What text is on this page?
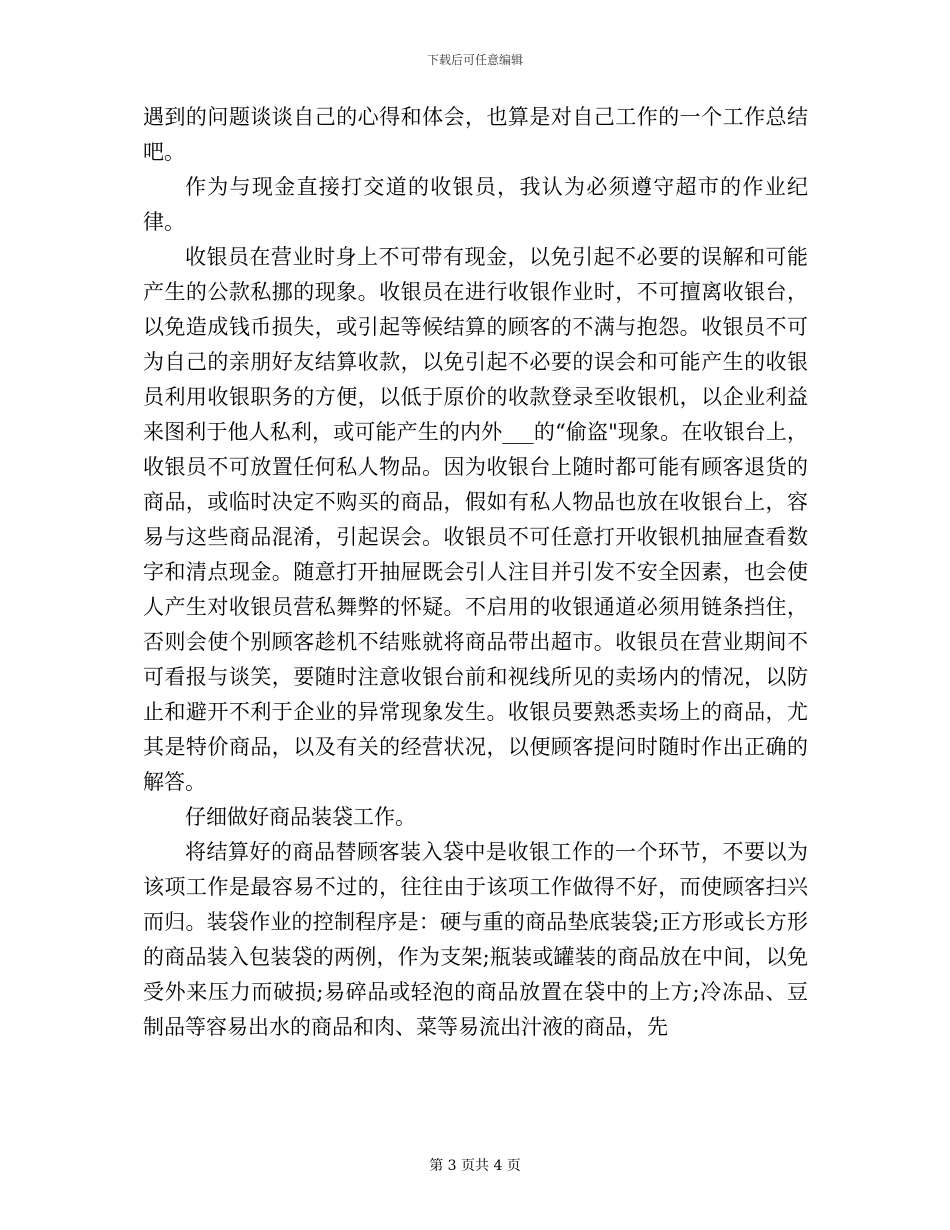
下载后可任意编辑

遇到的问题谈谈自己的心得和体会，也算是对自己工作的一个工作总结吧。

作为与现金直接打交道的收银员，我认为必须遵守超市的作业纪律。

收银员在营业时身上不可带有现金，以免引起不必要的误解和可能产生的公款私挪的现象。收银员在进行收银作业时，不可擅离收银台，以免造成钱币损失，或引起等候结算的顾客的不满与抱怨。收银员不可为自己的亲朋好友结算收款，以免引起不必要的误会和可能产生的收银员利用收银职务的方便，以低于原价的收款登录至收银机，以企业利益来图利于他人私利，或可能产生的内外___的“偷盗"现象。在收银台上，收银员不可放置任何私人物品。因为收银台上随时都可能有顾客退货的商品，或临时决定不购买的商品，假如有私人物品也放在收银台上，容易与这些商品混淆，引起误会。收银员不可任意打开收银机抽屉查看数字和清点现金。随意打开抽屉既会引人注目并引发不安全因素，也会使人产生对收银员营私舞弊的怀疑。不启用的收银通道必须用链条挡住，否则会使个别顾客趁机不结账就将商品带出超市。收银员在营业期间不可看报与谈笑，要随时注意收银台前和视线所见的卖场内的情况，以防止和避开不利于企业的异常现象发生。收银员要熟悉卖场上的商品，尤其是特价商品，以及有关的经营状况，以便顾客提问时随时作出正确的解答。

仔细做好商品装袋工作。

将结算好的商品替顾客装入袋中是收银工作的一个环节，不要以为该项工作是最容易不过的，往往由于该项工作做得不好，而使顾客扫兴而归。装袋作业的控制程序是：硬与重的商品垫底装袋;正方形或长方形的商品装入包装袋的两例，作为支架;瓶装或罐装的商品放在中间，以免受外来压力而破损;易碎品或轻泡的商品放置在袋中的上方;冷冻品、豆制品等容易出水的商品和肉、菜等易流出汁液的商品，先

第 3 页共 4 页
